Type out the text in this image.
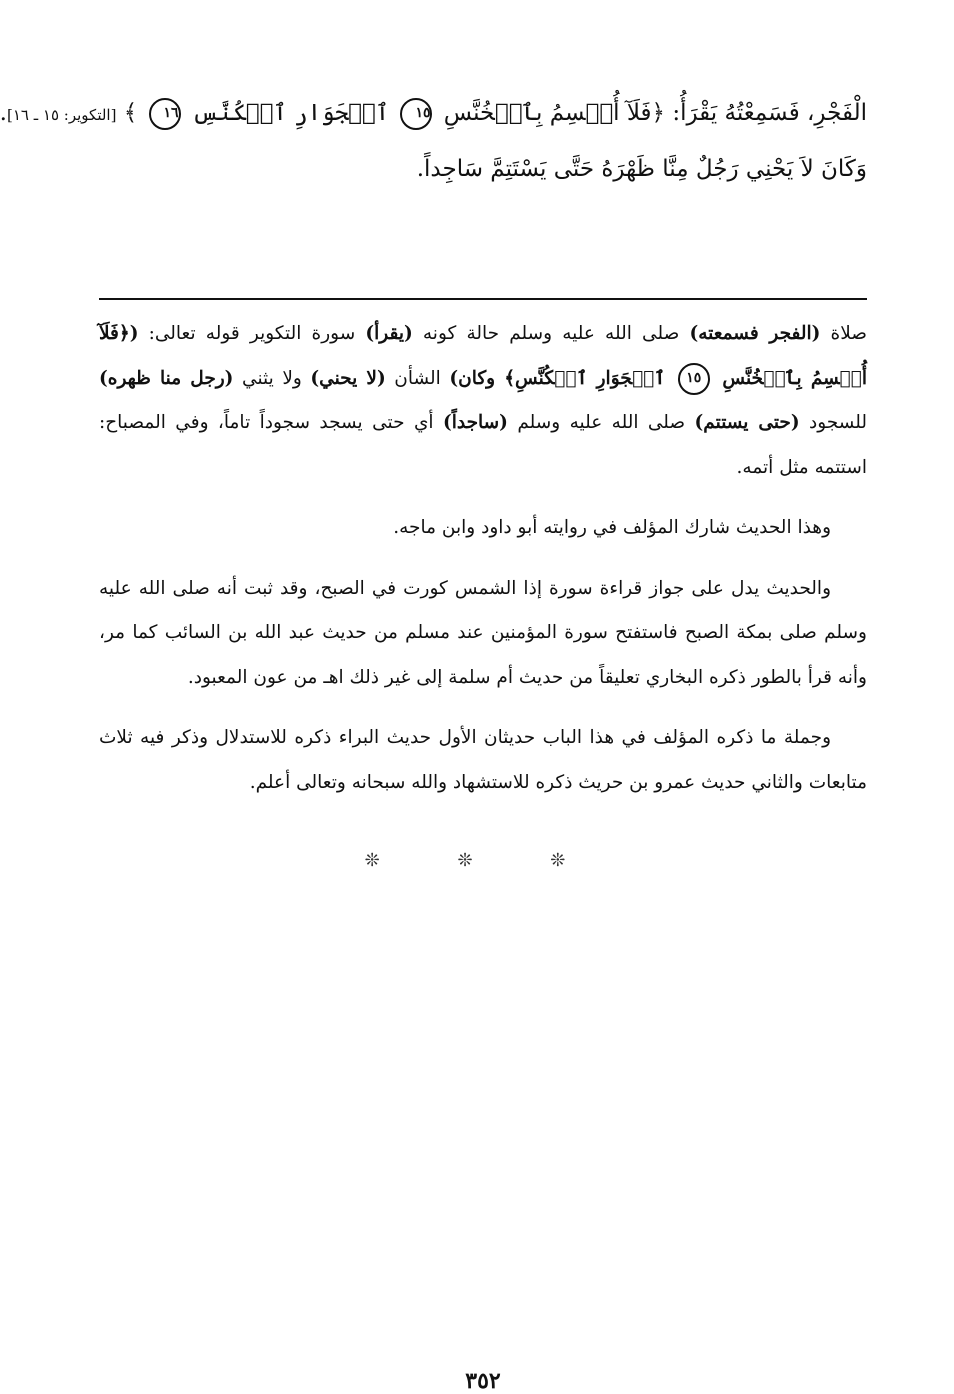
الْفَجْرِ، فَسَمِعْتُهُ يَقْرَأُ: ﴿فَلَآ أُقۡسِمُ بِٱلۡخُنَّسِ ١٥ ٱلۡجَوَارِ ٱلۡكُنَّسِ ١٦ ﴾ [التكوير: ١٥ ـ ١٦].
وَكَانَ لاَ يَحْنِي رَجُلٌ مِنَّا ظَهْرَهُ حَتَّى يَسْتَتِمَّ سَاجِداً.

صلاة (الفجر فسمعته) صلى الله عليه وسلم حالة كونه (يقرأ) سورة التكوير قوله تعالى: (﴿فَلَآ أُقۡسِمُ بِٱلۡخُنَّسِ ١٥ ٱلۡجَوَارِ ٱلۡكُنَّسِ﴾ وكان) الشأن (لا يحني) ولا يثني (رجل منا ظهره) للسجود (حتى يستتم) صلى الله عليه وسلم (ساجداً) أي حتى يسجد سجوداً تاماً، وفي المصباح: استتمه مثل أتمه.

وهذا الحديث شارك المؤلف في روايته أبو داود وابن ماجه.

والحديث يدل على جواز قراءة سورة إذا الشمس كورت في الصبح، وقد ثبت أنه صلى الله عليه وسلم صلى بمكة الصبح فاستفتح سورة المؤمنين عند مسلم من حديث عبد الله بن السائب كما مر، وأنه قرأ بالطور ذكره البخاري تعليقاً من حديث أم سلمة إلى غير ذلك اهـ من عون المعبود.

وجملة ما ذكره المؤلف في هذا الباب حديثان الأول حديث البراء ذكره للاستدلال وذكر فيه ثلاث متابعات والثاني حديث عمرو بن حريث ذكره للاستشهاد والله سبحانه وتعالى أعلم.

❊ ❊ ❊
٣٥٢
